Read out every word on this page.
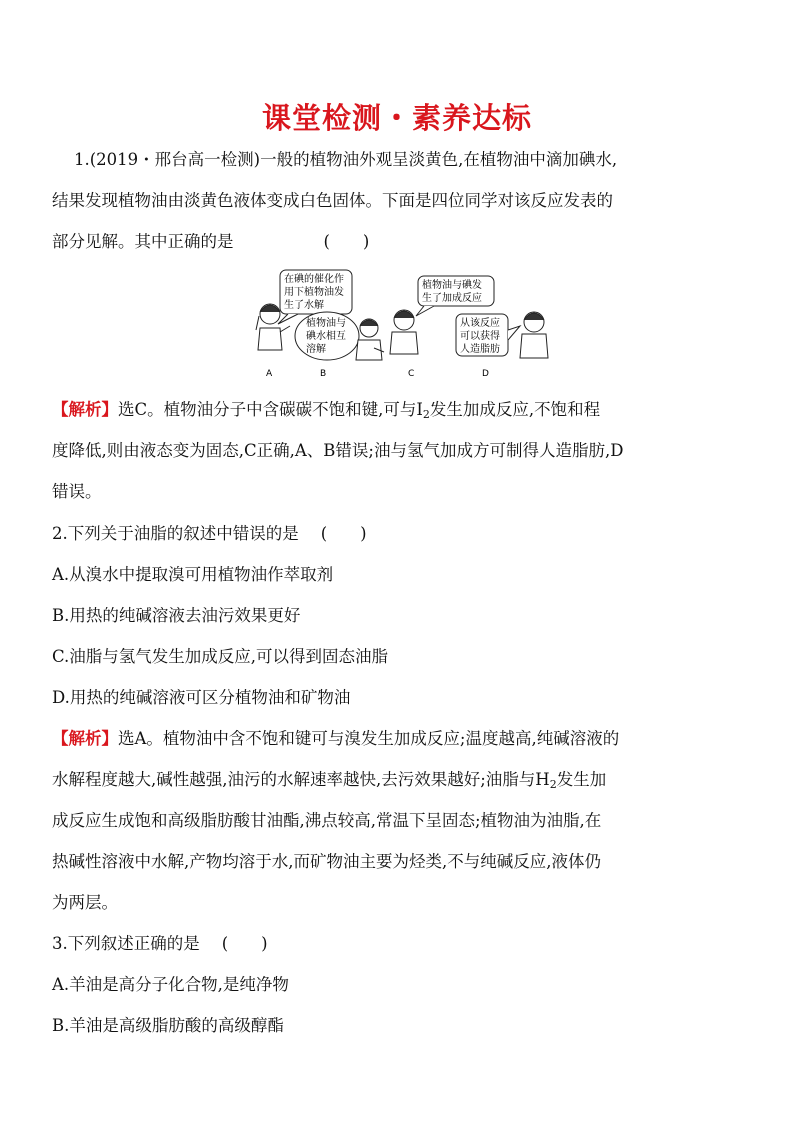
课堂检测・素养达标
1.(2019・邢台高一检测)一般的植物油外观呈淡黄色,在植物油中滴加碘水,
结果发现植物油由淡黄色液体变成白色固体。下面是四位同学对该反应发表的
部分见解。其中正确的是	(　　)
在碘的催化作
用下植物油发
生了水解
植物油与
碘水相互
溶解
植物油与碘发
生了加成反应
从该反应
可以获得
人造脂肪
A	B	C	D
【解析】选C。植物油分子中含碳碳不饱和键,可与$I_2$发生加成反应,不饱和程
度降低,则由液态变为固态,C正确,A、B错误;油与氢气加成方可制得人造脂肪,D
错误。
2.下列关于油脂的叙述中错误的是 (　　)
A.从溴水中提取溴可用植物油作萃取剂
B.用热的纯碱溶液去油污效果更好
C.油脂与氢气发生加成反应,可以得到固态油脂
D.用热的纯碱溶液可区分植物油和矿物油
【解析】选A。植物油中含不饱和键可与溴发生加成反应;温度越高,纯碱溶液的
水解程度越大,碱性越强,油污的水解速率越快,去污效果越好;油脂与$H_2$发生加
成反应生成饱和高级脂肪酸甘油酯,沸点较高,常温下呈固态;植物油为油脂,在
热碱性溶液中水解,产物均溶于水,而矿物油主要为烃类,不与纯碱反应,液体仍
为两层。
3.下列叙述正确的是 (　　)
A.羊油是高分子化合物,是纯净物
B.羊油是高级脂肪酸的高级醇酯
